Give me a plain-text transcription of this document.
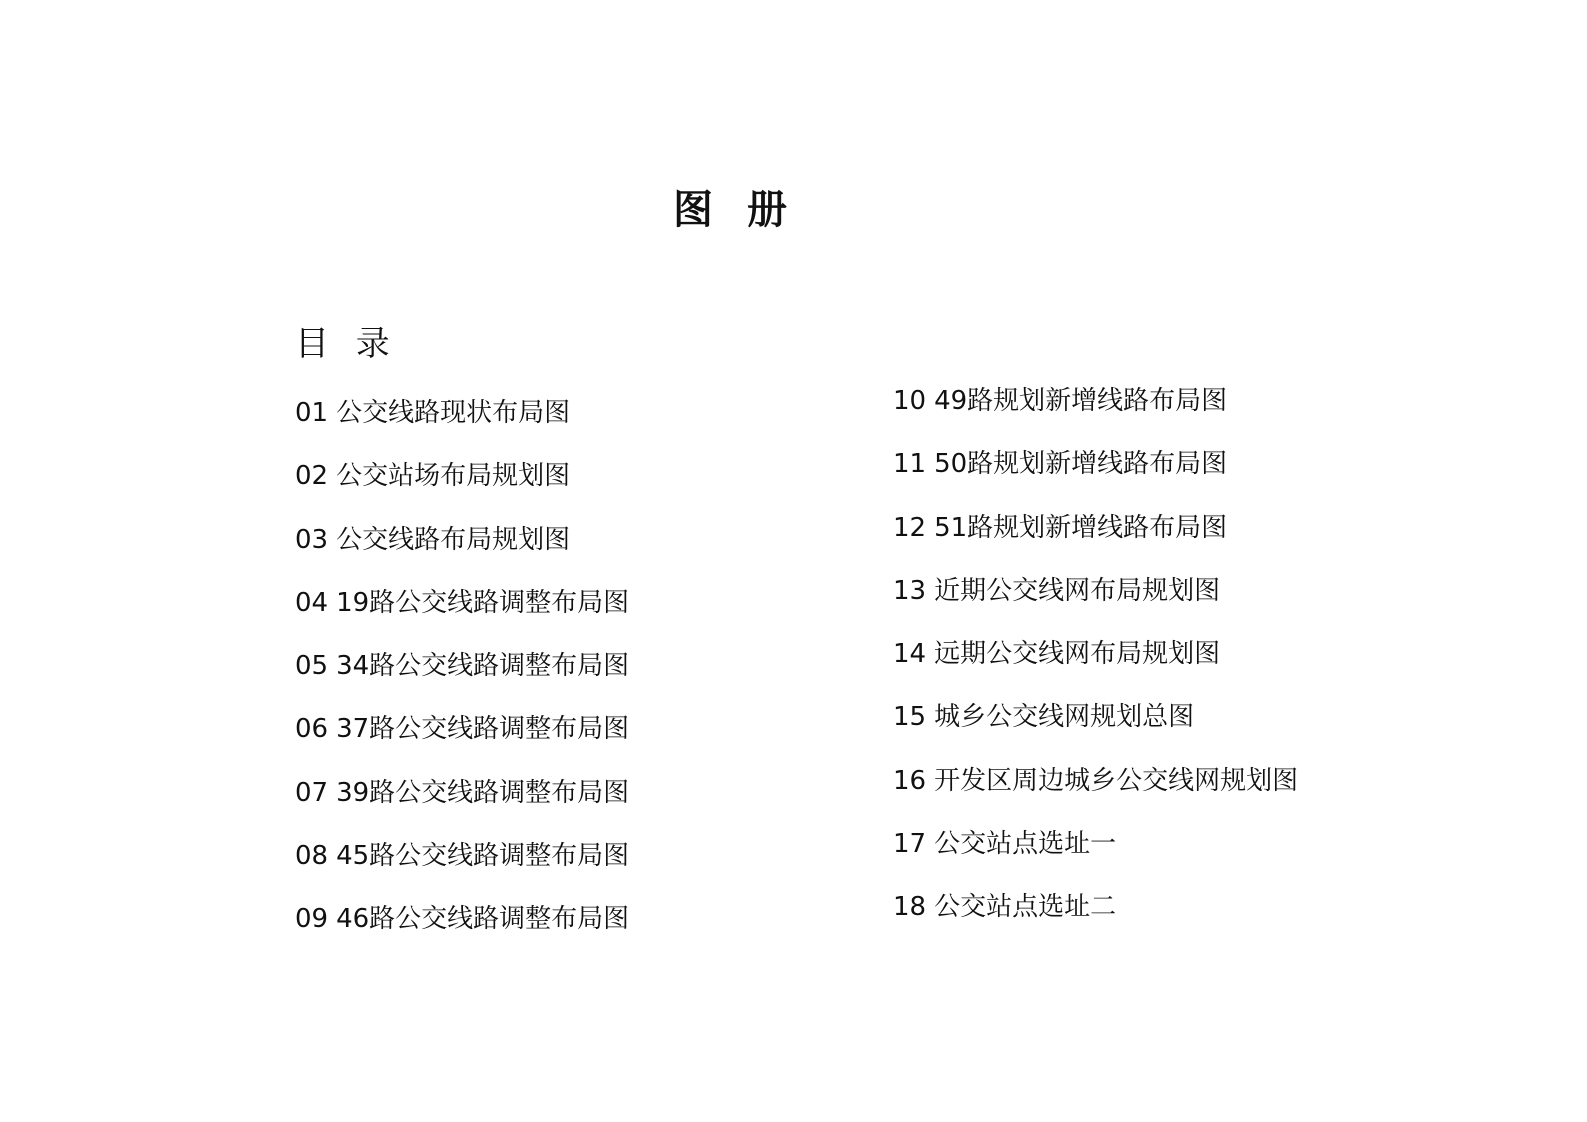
图 册
目 录
01 公交线路现状布局图
02 公交站场布局规划图
03 公交线路布局规划图
04 19路公交线路调整布局图
05 34路公交线路调整布局图
06 37路公交线路调整布局图
07 39路公交线路调整布局图
08 45路公交线路调整布局图
09 46路公交线路调整布局图
10 49路规划新增线路布局图
11 50路规划新增线路布局图
12 51路规划新增线路布局图
13 近期公交线网布局规划图
14 远期公交线网布局规划图
15 城乡公交线网规划总图
16 开发区周边城乡公交线网规划图
17 公交站点选址一
18 公交站点选址二
